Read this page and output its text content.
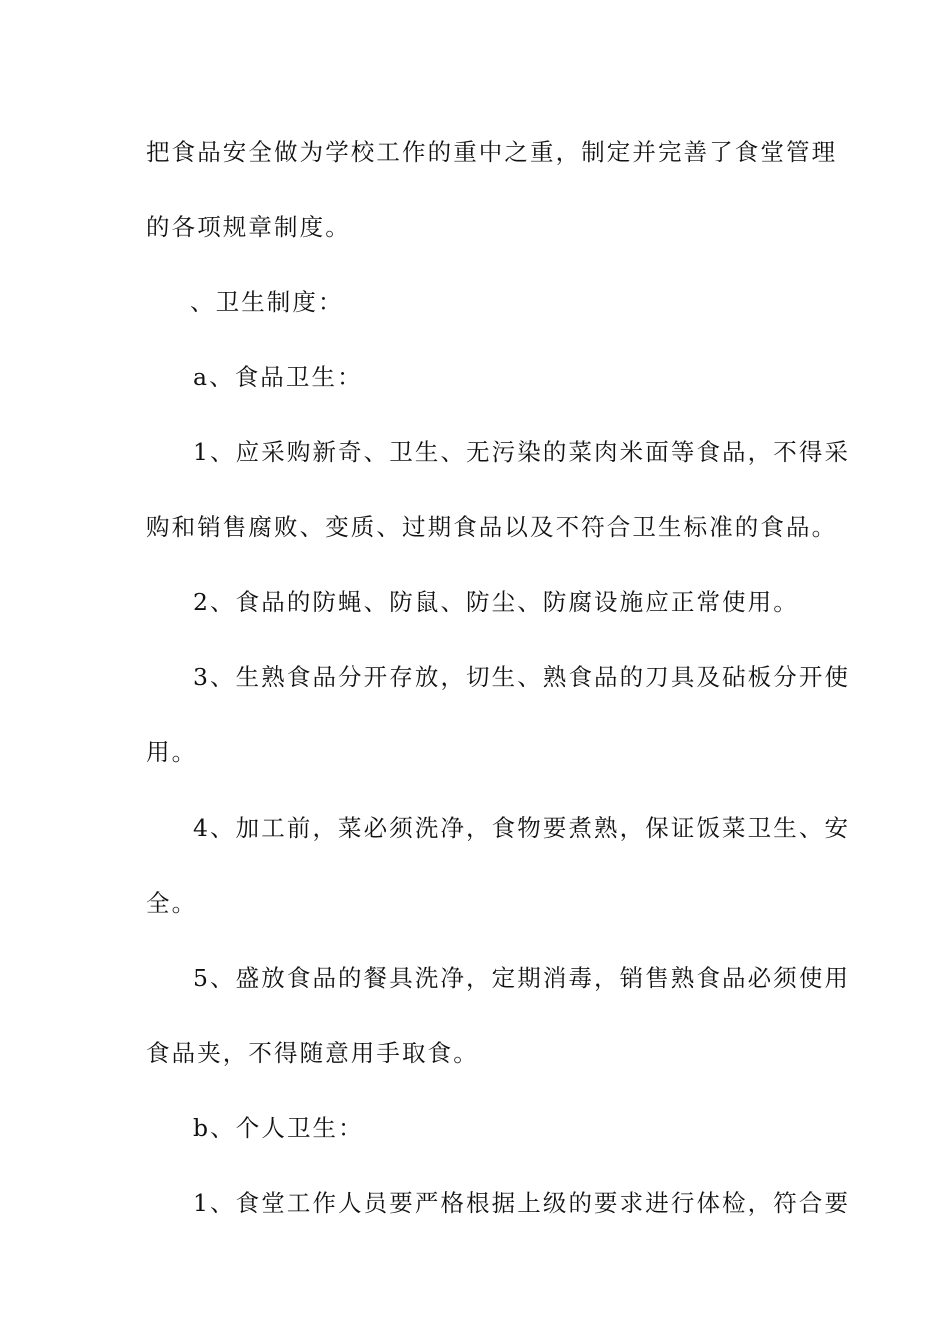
把食品安全做为学校工作的重中之重，制定并完善了食堂管理
的各项规章制度。
、卫生制度：
a、食品卫生：
1、应采购新奇、卫生、无污染的菜肉米面等食品，不得采
购和销售腐败、变质、过期食品以及不符合卫生标准的食品。
2、食品的防蝇、防鼠、防尘、防腐设施应正常使用。
3、生熟食品分开存放，切生、熟食品的刀具及砧板分开使
用。
4、加工前，菜必须洗净，食物要煮熟，保证饭菜卫生、安
全。
5、盛放食品的餐具洗净，定期消毒，销售熟食品必须使用
食品夹，不得随意用手取食。
b、个人卫生：
1、食堂工作人员要严格根据上级的要求进行体检，符合要
